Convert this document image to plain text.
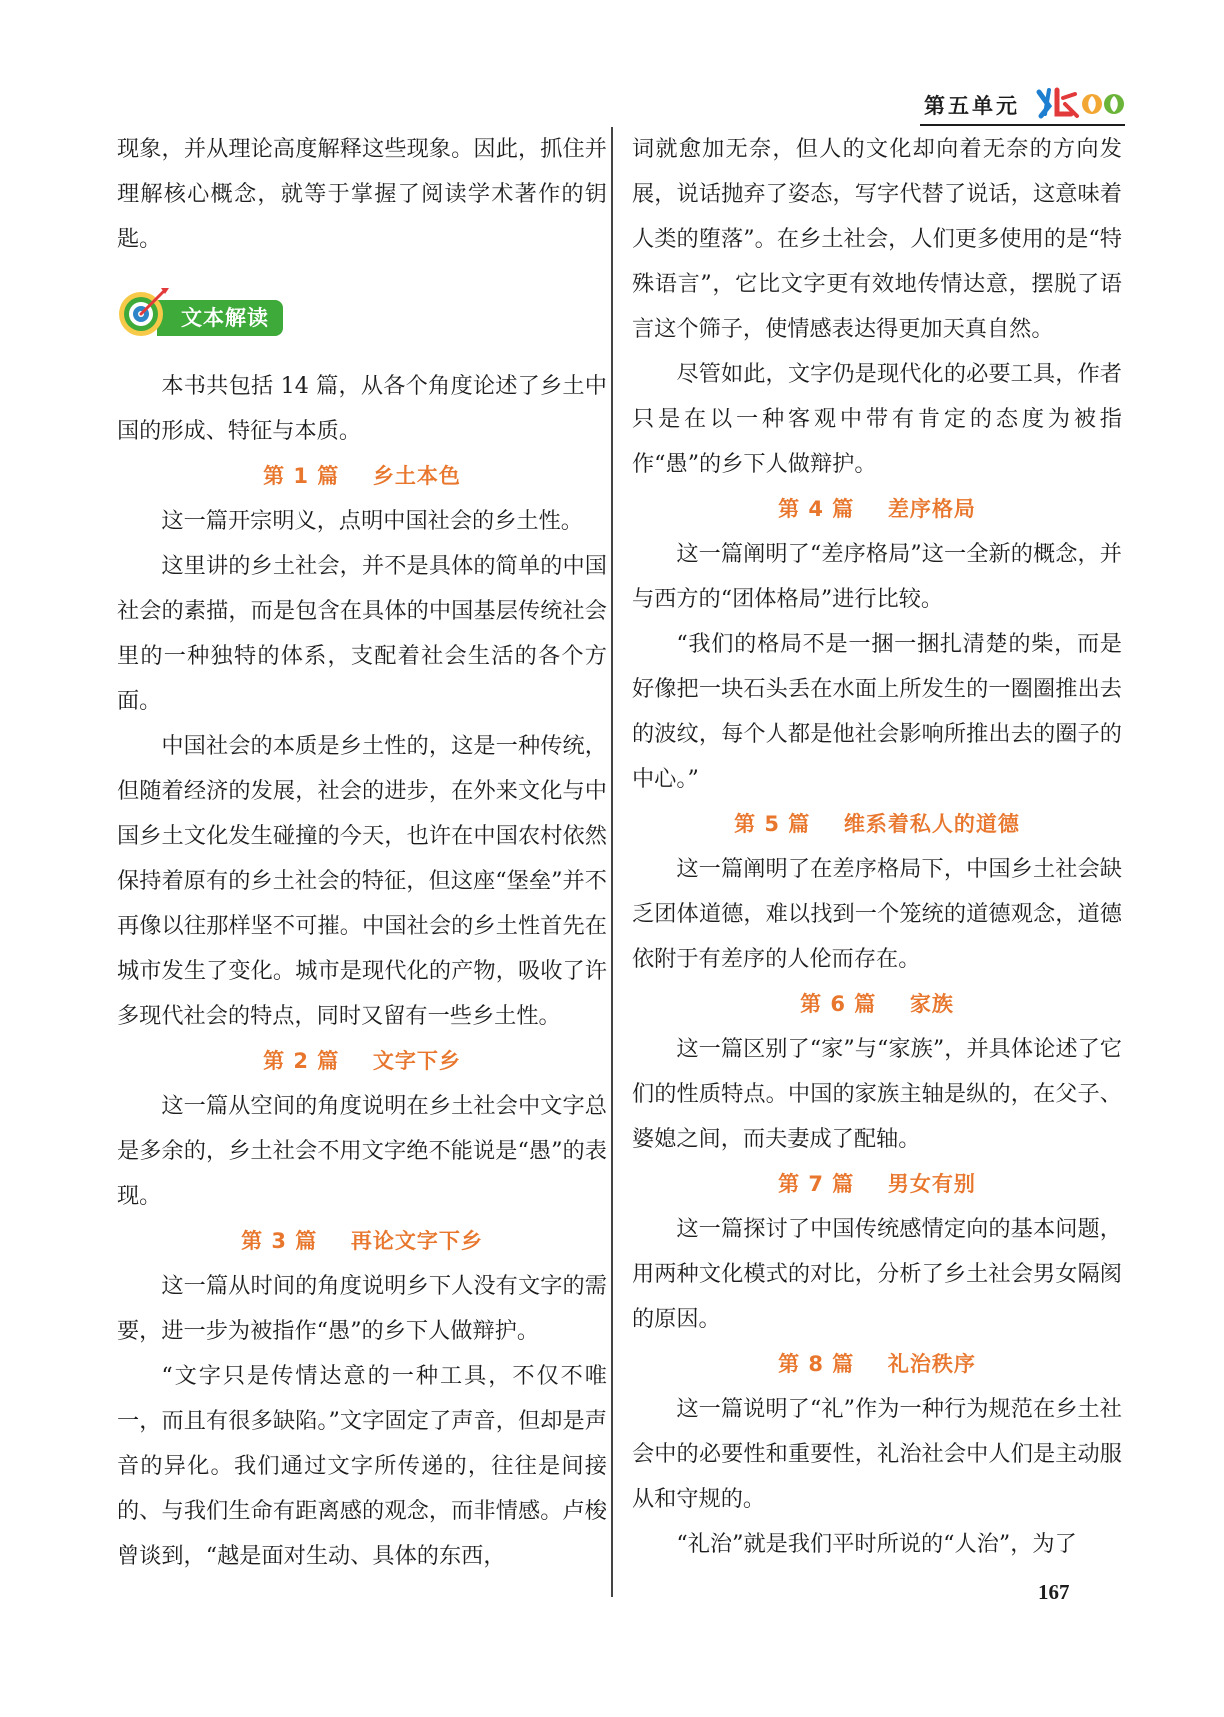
第五单元

现象，并从理论高度解释这些现象。因此，抓住并理解核心概念，就等于掌握了阅读学术著作的钥匙。

文本解读

本书共包括 14 篇，从各个角度论述了乡土中国的形成、特征与本质。

第 1 篇 乡土本色

这一篇开宗明义，点明中国社会的乡土性。

这里讲的乡土社会，并不是具体的简单的中国社会的素描，而是包含在具体的中国基层传统社会里的一种独特的体系，支配着社会生活的各个方面。

中国社会的本质是乡土性的，这是一种传统，但随着经济的发展，社会的进步，在外来文化与中国乡土文化发生碰撞的今天，也许在中国农村依然保持着原有的乡土社会的特征，但这座“堡垒”并不再像以往那样坚不可摧。中国社会的乡土性首先在城市发生了变化。城市是现代化的产物，吸收了许多现代社会的特点，同时又留有一些乡土性。

第 2 篇 文字下乡

这一篇从空间的角度说明在乡土社会中文字总是多余的，乡土社会不用文字绝不能说是“愚”的表现。

第 3 篇 再论文字下乡

这一篇从时间的角度说明乡下人没有文字的需要，进一步为被指作“愚”的乡下人做辩护。

“文字只是传情达意的一种工具，不仅不唯一，而且有很多缺陷。”文字固定了声音，但却是声音的异化。我们通过文字所传递的，往往是间接的、与我们生命有距离感的观念，而非情感。卢梭曾谈到，“越是面对生动、具体的东西，

词就愈加无奈，但人的文化却向着无奈的方向发展，说话抛弃了姿态，写字代替了说话，这意味着人类的堕落”。在乡土社会，人们更多使用的是“特殊语言”，它比文字更有效地传情达意，摆脱了语言这个筛子，使情感表达得更加天真自然。

尽管如此，文字仍是现代化的必要工具，作者只是在以一种客观中带有肯定的态度为被指作“愚”的乡下人做辩护。

第 4 篇 差序格局

这一篇阐明了“差序格局”这一全新的概念，并与西方的“团体格局”进行比较。

“我们的格局不是一捆一捆扎清楚的柴，而是好像把一块石头丢在水面上所发生的一圈圈推出去的波纹，每个人都是他社会影响所推出去的圈子的中心。”

第 5 篇 维系着私人的道德

这一篇阐明了在差序格局下，中国乡土社会缺乏团体道德，难以找到一个笼统的道德观念，道德依附于有差序的人伦而存在。

第 6 篇 家族

这一篇区别了“家”与“家族”，并具体论述了它们的性质特点。中国的家族主轴是纵的，在父子、婆媳之间，而夫妻成了配轴。

第 7 篇 男女有别

这一篇探讨了中国传统感情定向的基本问题，用两种文化模式的对比，分析了乡土社会男女隔阂的原因。

第 8 篇 礼治秩序

这一篇说明了“礼”作为一种行为规范在乡土社会中的必要性和重要性，礼治社会中人们是主动服从和守规的。

“礼治”就是我们平时所说的“人治”，为了

167
